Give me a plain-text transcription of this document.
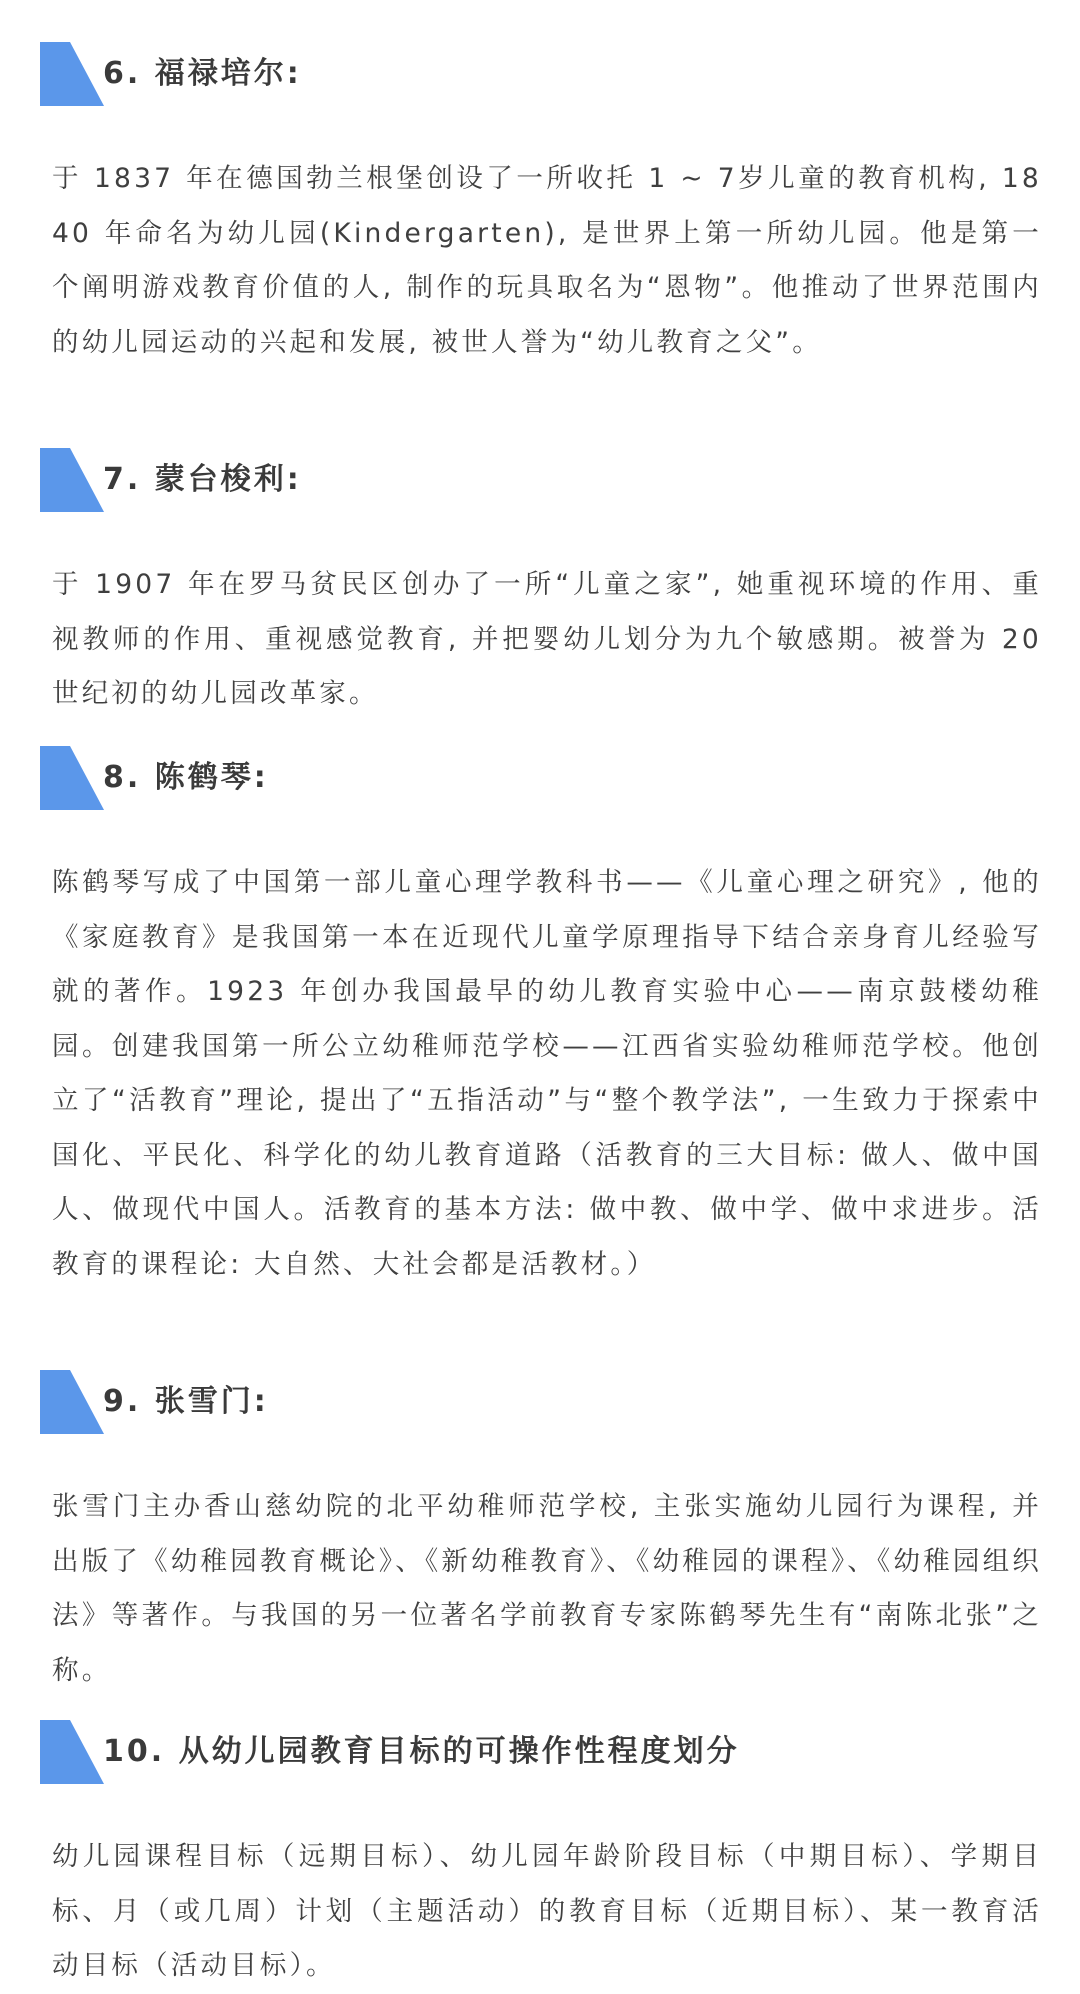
6. 福禄培尔:

于 1837 年在德国勃兰根堡创设了一所收托 1 ~ 7岁儿童的教育机构, 1840 年命名为幼儿园(Kindergarten), 是世界上第一所幼儿园。他是第一个阐明游戏教育价值的人, 制作的玩具取名为“恩物”。他推动了世界范围内的幼儿园运动的兴起和发展, 被世人誉为“幼儿教育之父”。

7. 蒙台梭利:

于 1907 年在罗马贫民区创办了一所“儿童之家”, 她重视环境的作用、重视教师的作用、重视感觉教育, 并把婴幼儿划分为九个敏感期。被誉为 20 世纪初的幼儿园改革家。

8. 陈鹤琴:

陈鹤琴写成了中国第一部儿童心理学教科书——《儿童心理之研究》, 他的《家庭教育》是我国第一本在近现代儿童学原理指导下结合亲身育儿经验写就的著作。1923 年创办我国最早的幼儿教育实验中心——南京鼓楼幼稚园。创建我国第一所公立幼稚师范学校——江西省实验幼稚师范学校。他创立了“活教育”理论, 提出了“五指活动”与“整个教学法”, 一生致力于探索中国化、平民化、科学化的幼儿教育道路（活教育的三大目标: 做人、做中国人、做现代中国人。活教育的基本方法: 做中教、做中学、做中求进步。活教育的课程论: 大自然、大社会都是活教材。）

9. 张雪门:

张雪门主办香山慈幼院的北平幼稚师范学校, 主张实施幼儿园行为课程, 并出版了《幼稚园教育概论》、《新幼稚教育》、《幼稚园的课程》、《幼稚园组织法》等著作。与我国的另一位著名学前教育专家陈鹤琴先生有“南陈北张”之称。

10. 从幼儿园教育目标的可操作性程度划分

幼儿园课程目标（远期目标）、幼儿园年龄阶段目标（中期目标）、学期目标、月（或几周）计划（主题活动）的教育目标（近期目标）、某一教育活动目标（活动目标）。
